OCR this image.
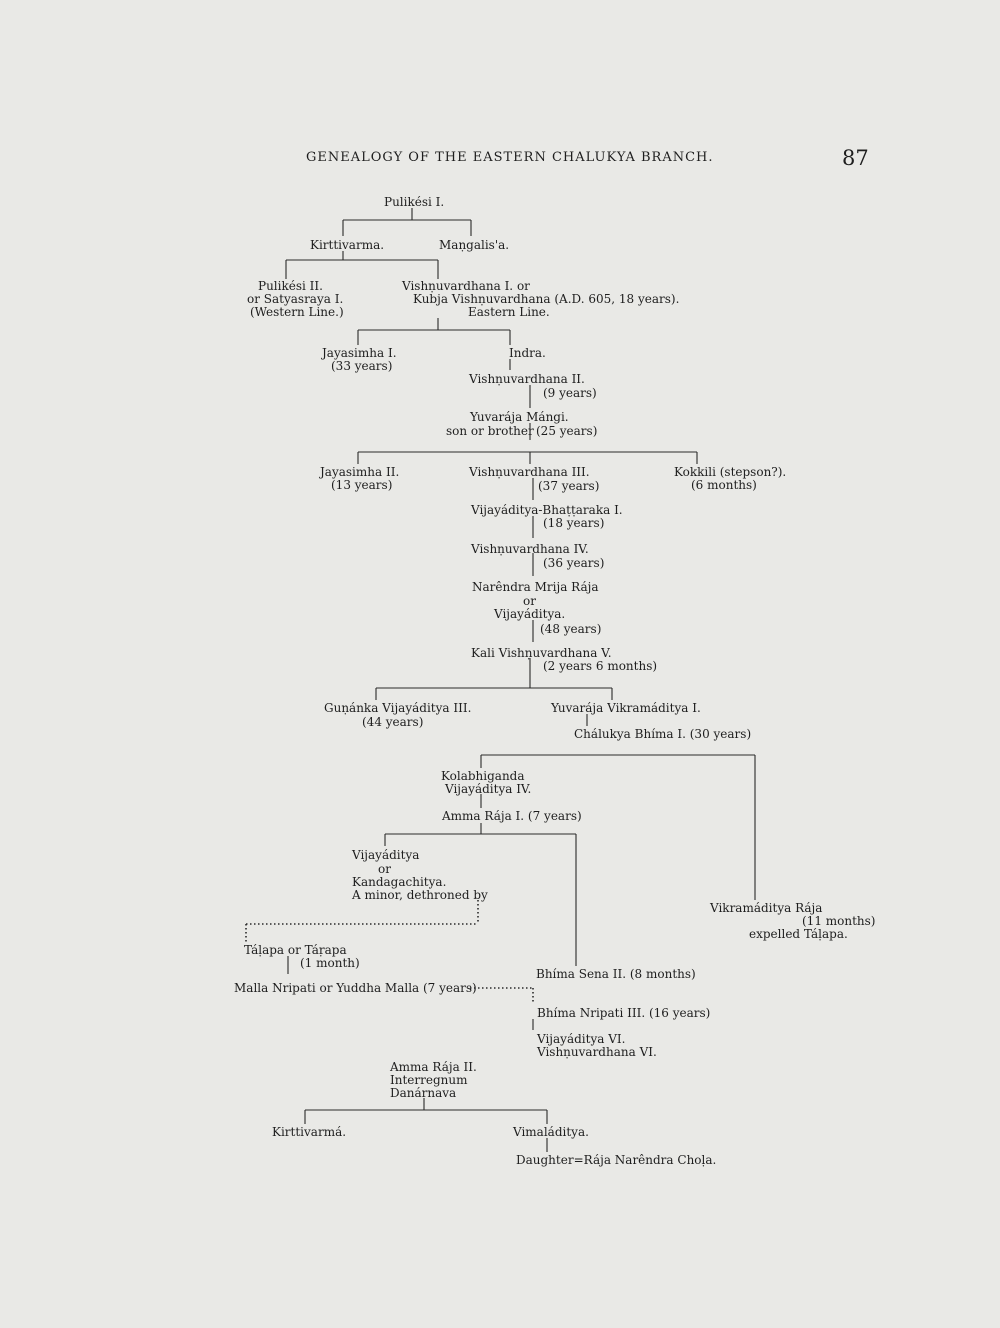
GENEALOGY OF THE EASTERN CHALUKYA BRANCH.	87
Pulikési I.
Kirttivarma.	Maṇgalis'a.
Pulikési II.
or Satyasraya I.
(Western Line.)
Vishṇuvardhana I. or
Kubja Vishṇuvardhana (A.D. 605, 18 years).
Eastern Line.
Jayasimha I.
(33 years)
Indra.
Vishṇuvardhana II.
(9 years)
Yuvarája Mángi.
son or brother (25 years)
Jayasimha II.
(13 years)
Vishṇuvardhana III.
(37 years)
Kokkili (stepson?).
(6 months)
Vijayáditya-Bhaṭṭaraka I.
(18 years)
Vishṇuvardhana IV.
(36 years)
Narêndra Mrija Rája
or
Vijayáditya.
(48 years)
Kali Vishṇuvardhana V.
(2 years 6 months)
Guṇánka Vijayáditya III.
(44 years)
Yuvarája Vikramáditya I.
Chálukya Bhíma I. (30 years)
Kolabhiganda
Vijayáditya IV.
Amma Rája I. (7 years)
Vijayáditya
or
Kandagachitya.
A minor, dethroned by
Vikramáditya Rája
(11 months)
expelled Táḷapa.
Táḷapa or Táṛapa
(1 month)
Bhíma Sena II. (8 months)
Malla Nripati or Yuddha Malla (7 years)
Bhíma Nripati III. (16 years)
Vijayáditya VI.
Vishṇuvardhana VI.
Amma Rája II.
Interregnum
Danárnava
Kirttivarmá.	Vimaláditya.
Daughter=Rája Narêndra Choḷa.
